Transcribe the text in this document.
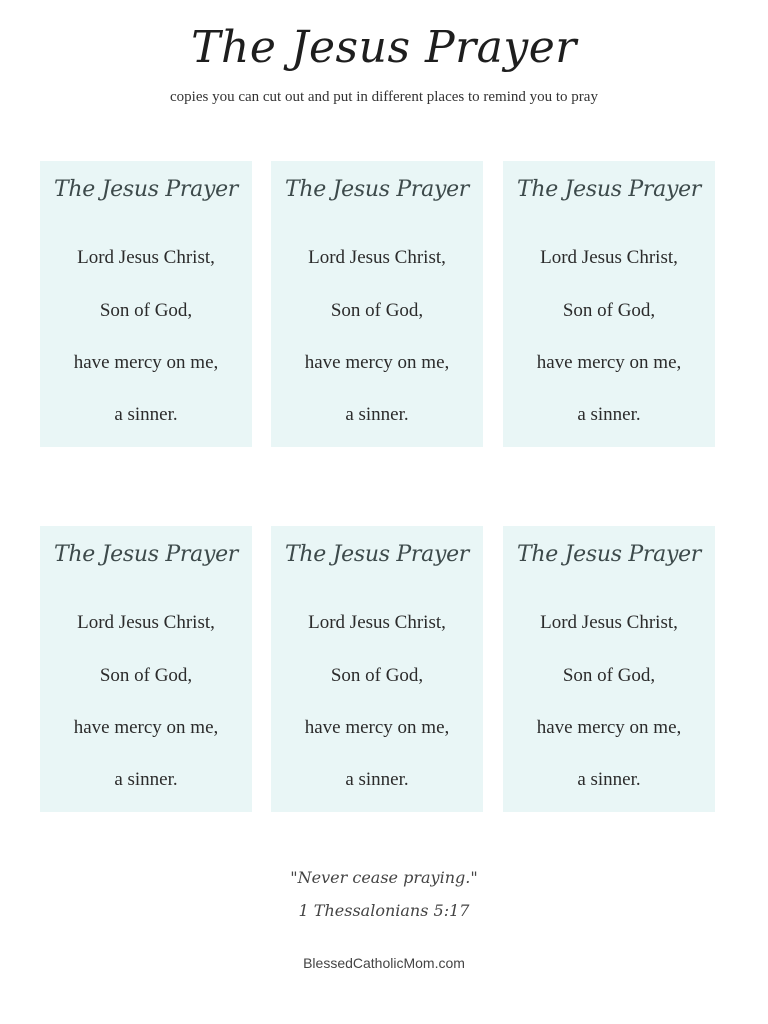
The Jesus Prayer

copies you can cut out and put in different places to remind you to pray

The Jesus Prayer
Lord Jesus Christ,
Son of God,
have mercy on me,
a sinner.
The Jesus Prayer
Lord Jesus Christ,
Son of God,
have mercy on me,
a sinner.
The Jesus Prayer
Lord Jesus Christ,
Son of God,
have mercy on me,
a sinner.
The Jesus Prayer
Lord Jesus Christ,
Son of God,
have mercy on me,
a sinner.
The Jesus Prayer
Lord Jesus Christ,
Son of God,
have mercy on me,
a sinner.
The Jesus Prayer
Lord Jesus Christ,
Son of God,
have mercy on me,
a sinner.
"Never cease praying."
1 Thessalonians 5:17
BlessedCatholicMom.com
